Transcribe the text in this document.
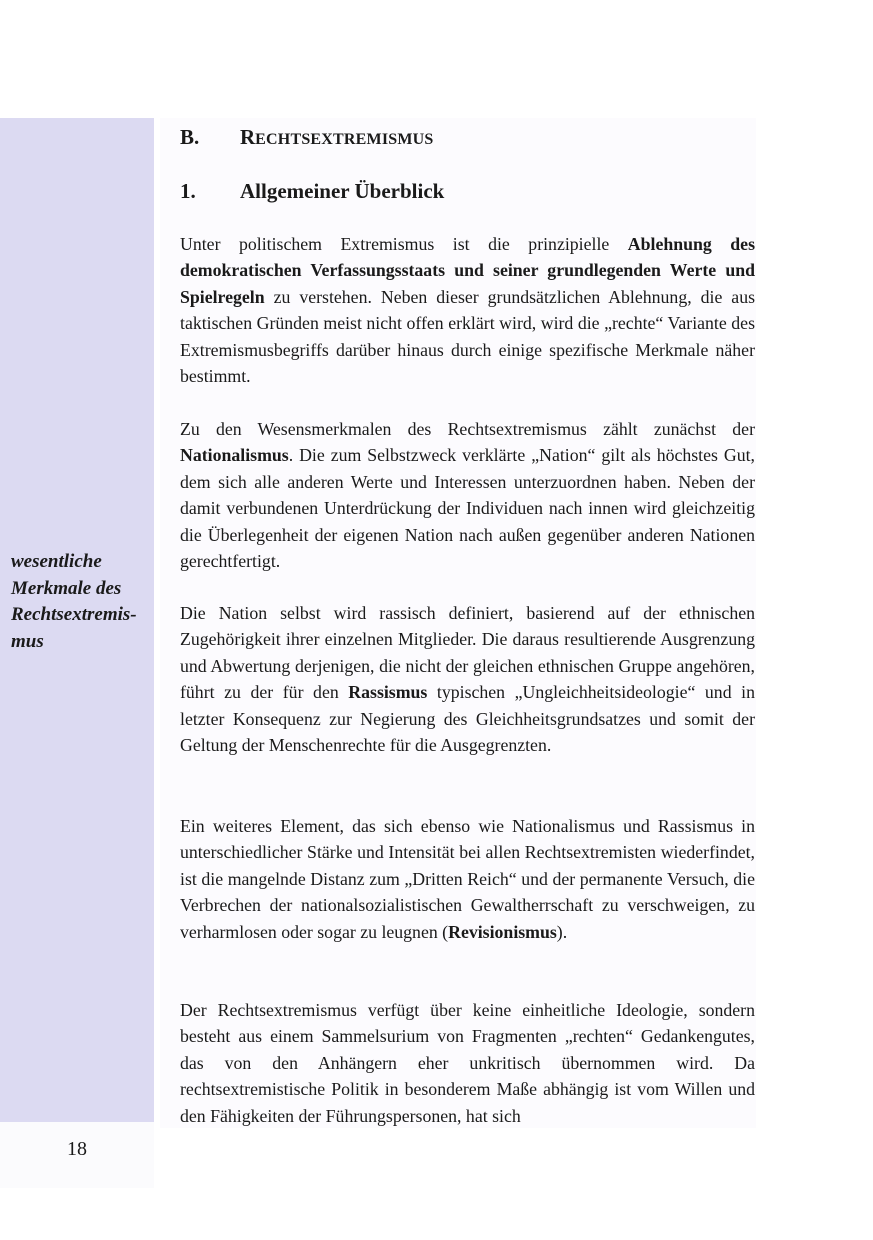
18
wesentliche
Merkmale des
Rechtsextremis-
mus
B. RECHTSEXTREMISMUS
1. Allgemeiner Überblick

Unter politischem Extremismus ist die prinzipielle Ablehnung des demokratischen Verfassungsstaats und seiner grundlegenden Werte und Spielregeln zu verstehen. Neben dieser grundsätzlichen Ablehnung, die aus taktischen Gründen meist nicht offen erklärt wird, wird die „rechte“ Variante des Extremismusbegriffs darüber hinaus durch einige spezifische Merkmale näher bestimmt.

Zu den Wesensmerkmalen des Rechtsextremismus zählt zunächst der Nationalismus. Die zum Selbstzweck verklärte „Nation“ gilt als höchstes Gut, dem sich alle anderen Werte und Interessen unterzuordnen haben. Neben der damit verbundenen Unterdrückung der Individuen nach innen wird gleichzeitig die Überlegenheit der eigenen Nation nach außen gegenüber anderen Nationen gerechtfertigt.

Die Nation selbst wird rassisch definiert, basierend auf der ethnischen Zugehörigkeit ihrer einzelnen Mitglieder. Die daraus resultierende Ausgrenzung und Abwertung derjenigen, die nicht der gleichen ethnischen Gruppe angehören, führt zu der für den Rassismus typischen „Ungleichheitsideologie“ und in letzter Konsequenz zur Negierung des Gleichheitsgrundsatzes und somit der Geltung der Menschenrechte für die Ausgegrenzten.

Ein weiteres Element, das sich ebenso wie Nationalismus und Rassismus in unterschiedlicher Stärke und Intensität bei allen Rechtsextremisten wiederfindet, ist die mangelnde Distanz zum „Dritten Reich“ und der permanente Versuch, die Verbrechen der nationalsozialistischen Gewaltherrschaft zu verschweigen, zu verharmlosen oder sogar zu leugnen (Revisionismus).

Der Rechtsextremismus verfügt über keine einheitliche Ideologie, sondern besteht aus einem Sammelsurium von Fragmenten „rechten“ Gedankengutes, das von den Anhängern eher unkritisch übernommen wird. Da rechtsextremistische Politik in besonderem Maße abhängig ist vom Willen und den Fähigkeiten der Führungspersonen, hat sich
